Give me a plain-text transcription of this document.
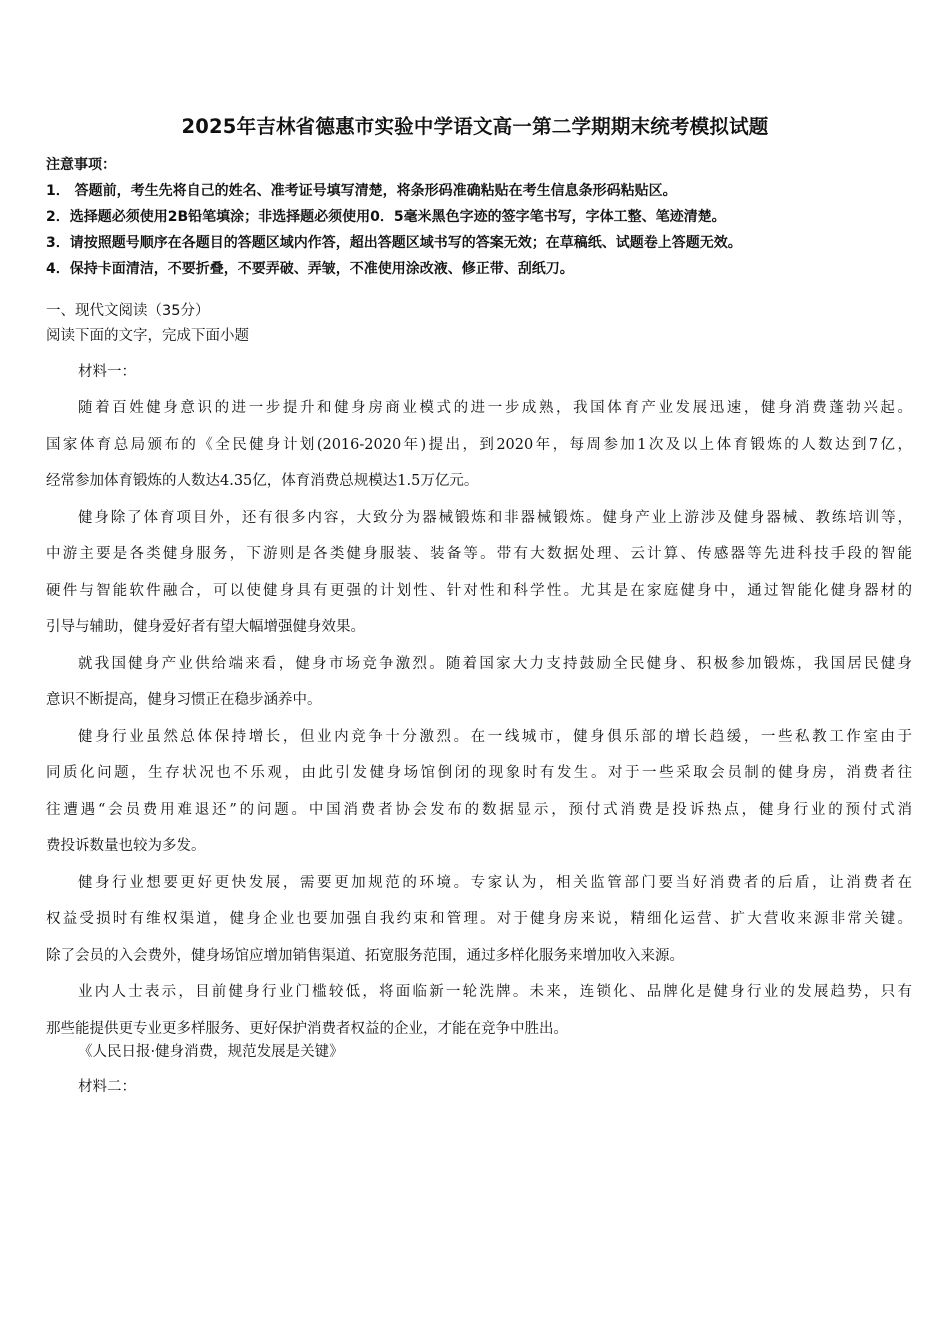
2025年吉林省德惠市实验中学语文高一第二学期期末统考模拟试题
注意事项：
1． 答题前，考生先将自己的姓名、准考证号填写清楚，将条形码准确粘贴在考生信息条形码粘贴区。
2．选择题必须使用2B铅笔填涂；非选择题必须使用0．5毫米黑色字迹的签字笔书写，字体工整、笔迹清楚。
3．请按照题号顺序在各题目的答题区域内作答，超出答题区域书写的答案无效；在草稿纸、试题卷上答题无效。
4．保持卡面清洁，不要折叠，不要弄破、弄皱，不准使用涂改液、修正带、刮纸刀。
一、现代文阅读（35分）
阅读下面的文字，完成下面小题
材料一：
随着百姓健身意识的进一步提升和健身房商业模式的进一步成熟，我国体育产业发展迅速，健身消费蓬勃兴起。
国家体育总局颁布的《全民健身计划(2016-2020年)提出，到2020年，每周参加1次及以上体育锻炼的人数达到7亿，
经常参加体育锻炼的人数达4.35亿，体育消费总规模达1.5万亿元。
健身除了体育项目外，还有很多内容，大致分为器械锻炼和非器械锻炼。健身产业上游涉及健身器械、教练培训等，
中游主要是各类健身服务，下游则是各类健身服装、装备等。带有大数据处理、云计算、传感器等先进科技手段的智能
硬件与智能软件融合，可以使健身具有更强的计划性、针对性和科学性。尤其是在家庭健身中，通过智能化健身器材的
引导与辅助，健身爱好者有望大幅增强健身效果。
就我国健身产业供给端来看，健身市场竞争激烈。随着国家大力支持鼓励全民健身、积极参加锻炼，我国居民健身
意识不断提高，健身习惯正在稳步涵养中。
健身行业虽然总体保持增长，但业内竞争十分激烈。在一线城市，健身俱乐部的增长趋缓，一些私教工作室由于
同质化问题，生存状况也不乐观，由此引发健身场馆倒闭的现象时有发生。对于一些采取会员制的健身房，消费者往
往遭遇“会员费用难退还”的问题。中国消费者协会发布的数据显示，预付式消费是投诉热点，健身行业的预付式消
费投诉数量也较为多发。
健身行业想要更好更快发展，需要更加规范的环境。专家认为，相关监管部门要当好消费者的后盾，让消费者在
权益受损时有维权渠道，健身企业也要加强自我约束和管理。对于健身房来说，精细化运营、扩大营收来源非常关键。
除了会员的入会费外，健身场馆应增加销售渠道、拓宽服务范围，通过多样化服务来增加收入来源。
业内人士表示，目前健身行业门槛较低，将面临新一轮洗牌。未来，连锁化、品牌化是健身行业的发展趋势，只有
那些能提供更专业更多样服务、更好保护消费者权益的企业，才能在竞争中胜出。
《人民日报·健身消费，规范发展是关键》
材料二：
